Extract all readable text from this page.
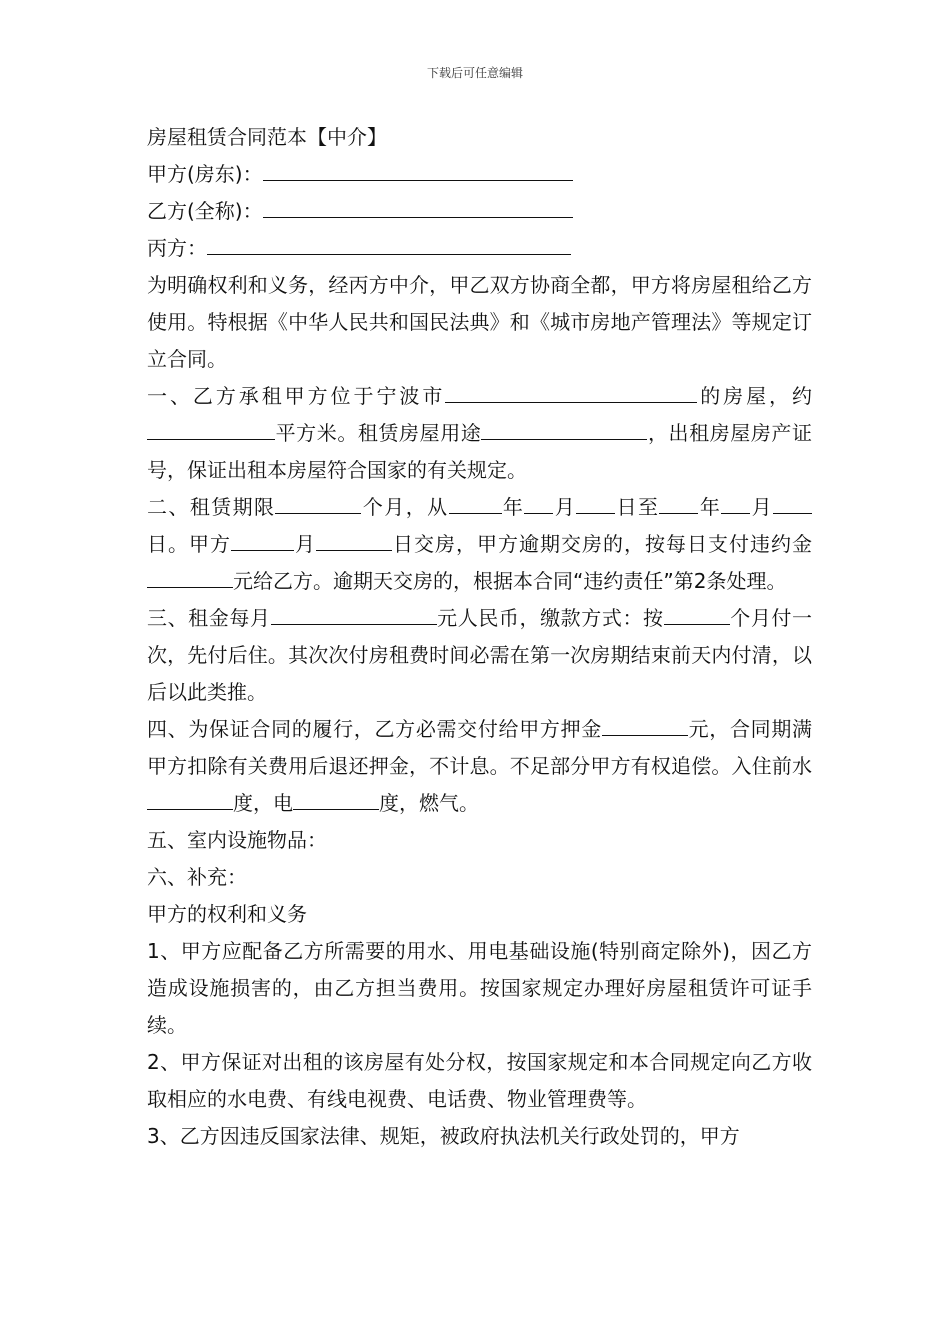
下载后可任意编辑

房屋租赁合同范本【中介】

甲方(房东)：

乙方(全称)：

丙方：

为明确权利和义务，经丙方中介，甲乙双方协商全都，甲方将房屋租给乙方使用。特根据《中华人民共和国民法典》和《城市房地产管理法》等规定订立合同。

一、乙方承租甲方位于宁波市	的房屋，约平方米。租赁房屋用途	，出租房屋房产证号，保证出租本房屋符合国家的有关规定。

二、租赁期限	个月，从	年 月 日至 年 月日。甲方	月	日交房，甲方逾期交房的，按每日支付违约金元给乙方。逾期天交房的，根据本合同“违约责任”第2条处理。

三、租金每月	元人民币，缴款方式：按	个月付一次，先付后住。其次次付房租费时间必需在第一次房期结束前天内付清，以后以此类推。

四、为保证合同的履行，乙方必需交付给甲方押金	元，合同期满甲方扣除有关费用后退还押金，不计息。不足部分甲方有权追偿。入住前水度，电	度，燃气。

五、室内设施物品：

六、补充：

甲方的权利和义务

1、甲方应配备乙方所需要的用水、用电基础设施(特别商定除外)，因乙方造成设施损害的，由乙方担当费用。按国家规定办理好房屋租赁许可证手续。

2、甲方保证对出租的该房屋有处分权，按国家规定和本合同规定向乙方收取相应的水电费、有线电视费、电话费、物业管理费等。

3、乙方因违反国家法律、规矩，被政府执法机关行政处罚的，甲方
